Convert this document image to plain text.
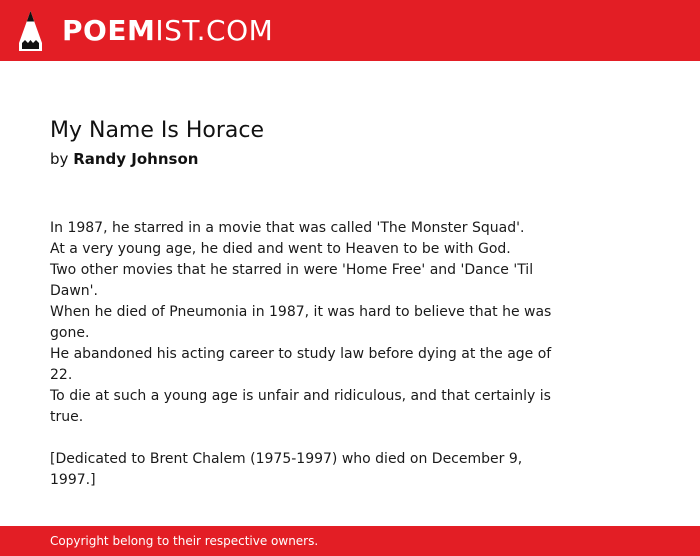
POEMIST.COM
My Name Is Horace
by Randy Johnson
In 1987, he starred in a movie that was called 'The Monster Squad'.
At a very young age, he died and went to Heaven to be with God.
Two other movies that he starred in were 'Home Free' and 'Dance 'Til Dawn'.
When he died of Pneumonia in 1987, it was hard to believe that he was gone.
He abandoned his acting career to study law before dying at the age of 22.
To die at such a young age is unfair and ridiculous, and that certainly is true.
[Dedicated to Brent Chalem (1975-1997) who died on December 9, 1997.]
Copyright belong to their respective owners.
